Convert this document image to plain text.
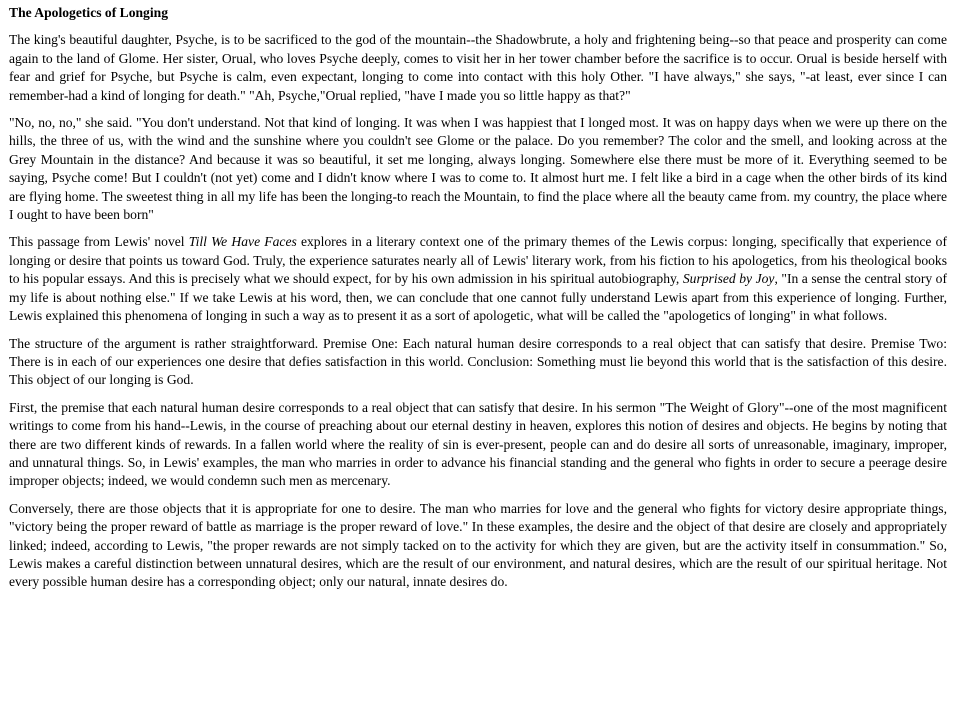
The Apologetics of Longing

The king's beautiful daughter, Psyche, is to be sacrificed to the god of the mountain--the Shadowbrute, a holy and frightening being--so that peace and prosperity can come again to the land of Glome. Her sister, Orual, who loves Psyche deeply, comes to visit her in her tower chamber before the sacrifice is to occur. Orual is beside herself with fear and grief for Psyche, but Psyche is calm, even expectant, longing to come into contact with this holy Other. "I have always," she says, "-at least, ever since I can remember-had a kind of longing for death." "Ah, Psyche,"Orual replied, "have I made you so little happy as that?"

"No, no, no," she said. "You don't understand. Not that kind of longing. It was when I was happiest that I longed most. It was on happy days when we were up there on the hills, the three of us, with the wind and the sunshine where you couldn't see Glome or the palace. Do you remember? The color and the smell, and looking across at the Grey Mountain in the distance? And because it was so beautiful, it set me longing, always longing. Somewhere else there must be more of it. Everything seemed to be saying, Psyche come! But I couldn't (not yet) come and I didn't know where I was to come to. It almost hurt me. I felt like a bird in a cage when the other birds of its kind are flying home. The sweetest thing in all my life has been the longing-to reach the Mountain, to find the place where all the beauty came from. my country, the place where I ought to have been born"

This passage from Lewis' novel Till We Have Faces explores in a literary context one of the primary themes of the Lewis corpus: longing, specifically that experience of longing or desire that points us toward God. Truly, the experience saturates nearly all of Lewis' literary work, from his fiction to his apologetics, from his theological books to his popular essays. And this is precisely what we should expect, for by his own admission in his spiritual autobiography, Surprised by Joy, "In a sense the central story of my life is about nothing else." If we take Lewis at his word, then, we can conclude that one cannot fully understand Lewis apart from this experience of longing. Further, Lewis explained this phenomena of longing in such a way as to present it as a sort of apologetic, what will be called the "apologetics of longing" in what follows.

The structure of the argument is rather straightforward. Premise One: Each natural human desire corresponds to a real object that can satisfy that desire. Premise Two: There is in each of our experiences one desire that defies satisfaction in this world. Conclusion: Something must lie beyond this world that is the satisfaction of this desire. This object of our longing is God.

First, the premise that each natural human desire corresponds to a real object that can satisfy that desire. In his sermon "The Weight of Glory"--one of the most magnificent writings to come from his hand--Lewis, in the course of preaching about our eternal destiny in heaven, explores this notion of desires and objects. He begins by noting that there are two different kinds of rewards. In a fallen world where the reality of sin is ever-present, people can and do desire all sorts of unreasonable, imaginary, improper, and unnatural things. So, in Lewis' examples, the man who marries in order to advance his financial standing and the general who fights in order to secure a peerage desire improper objects; indeed, we would condemn such men as mercenary.

Conversely, there are those objects that it is appropriate for one to desire. The man who marries for love and the general who fights for victory desire appropriate things, "victory being the proper reward of battle as marriage is the proper reward of love." In these examples, the desire and the object of that desire are closely and appropriately linked; indeed, according to Lewis, "the proper rewards are not simply tacked on to the activity for which they are given, but are the activity itself in consummation." So, Lewis makes a careful distinction between unnatural desires, which are the result of our environment, and natural desires, which are the result of our spiritual heritage. Not every possible human desire has a corresponding object; only our natural, innate desires do.
